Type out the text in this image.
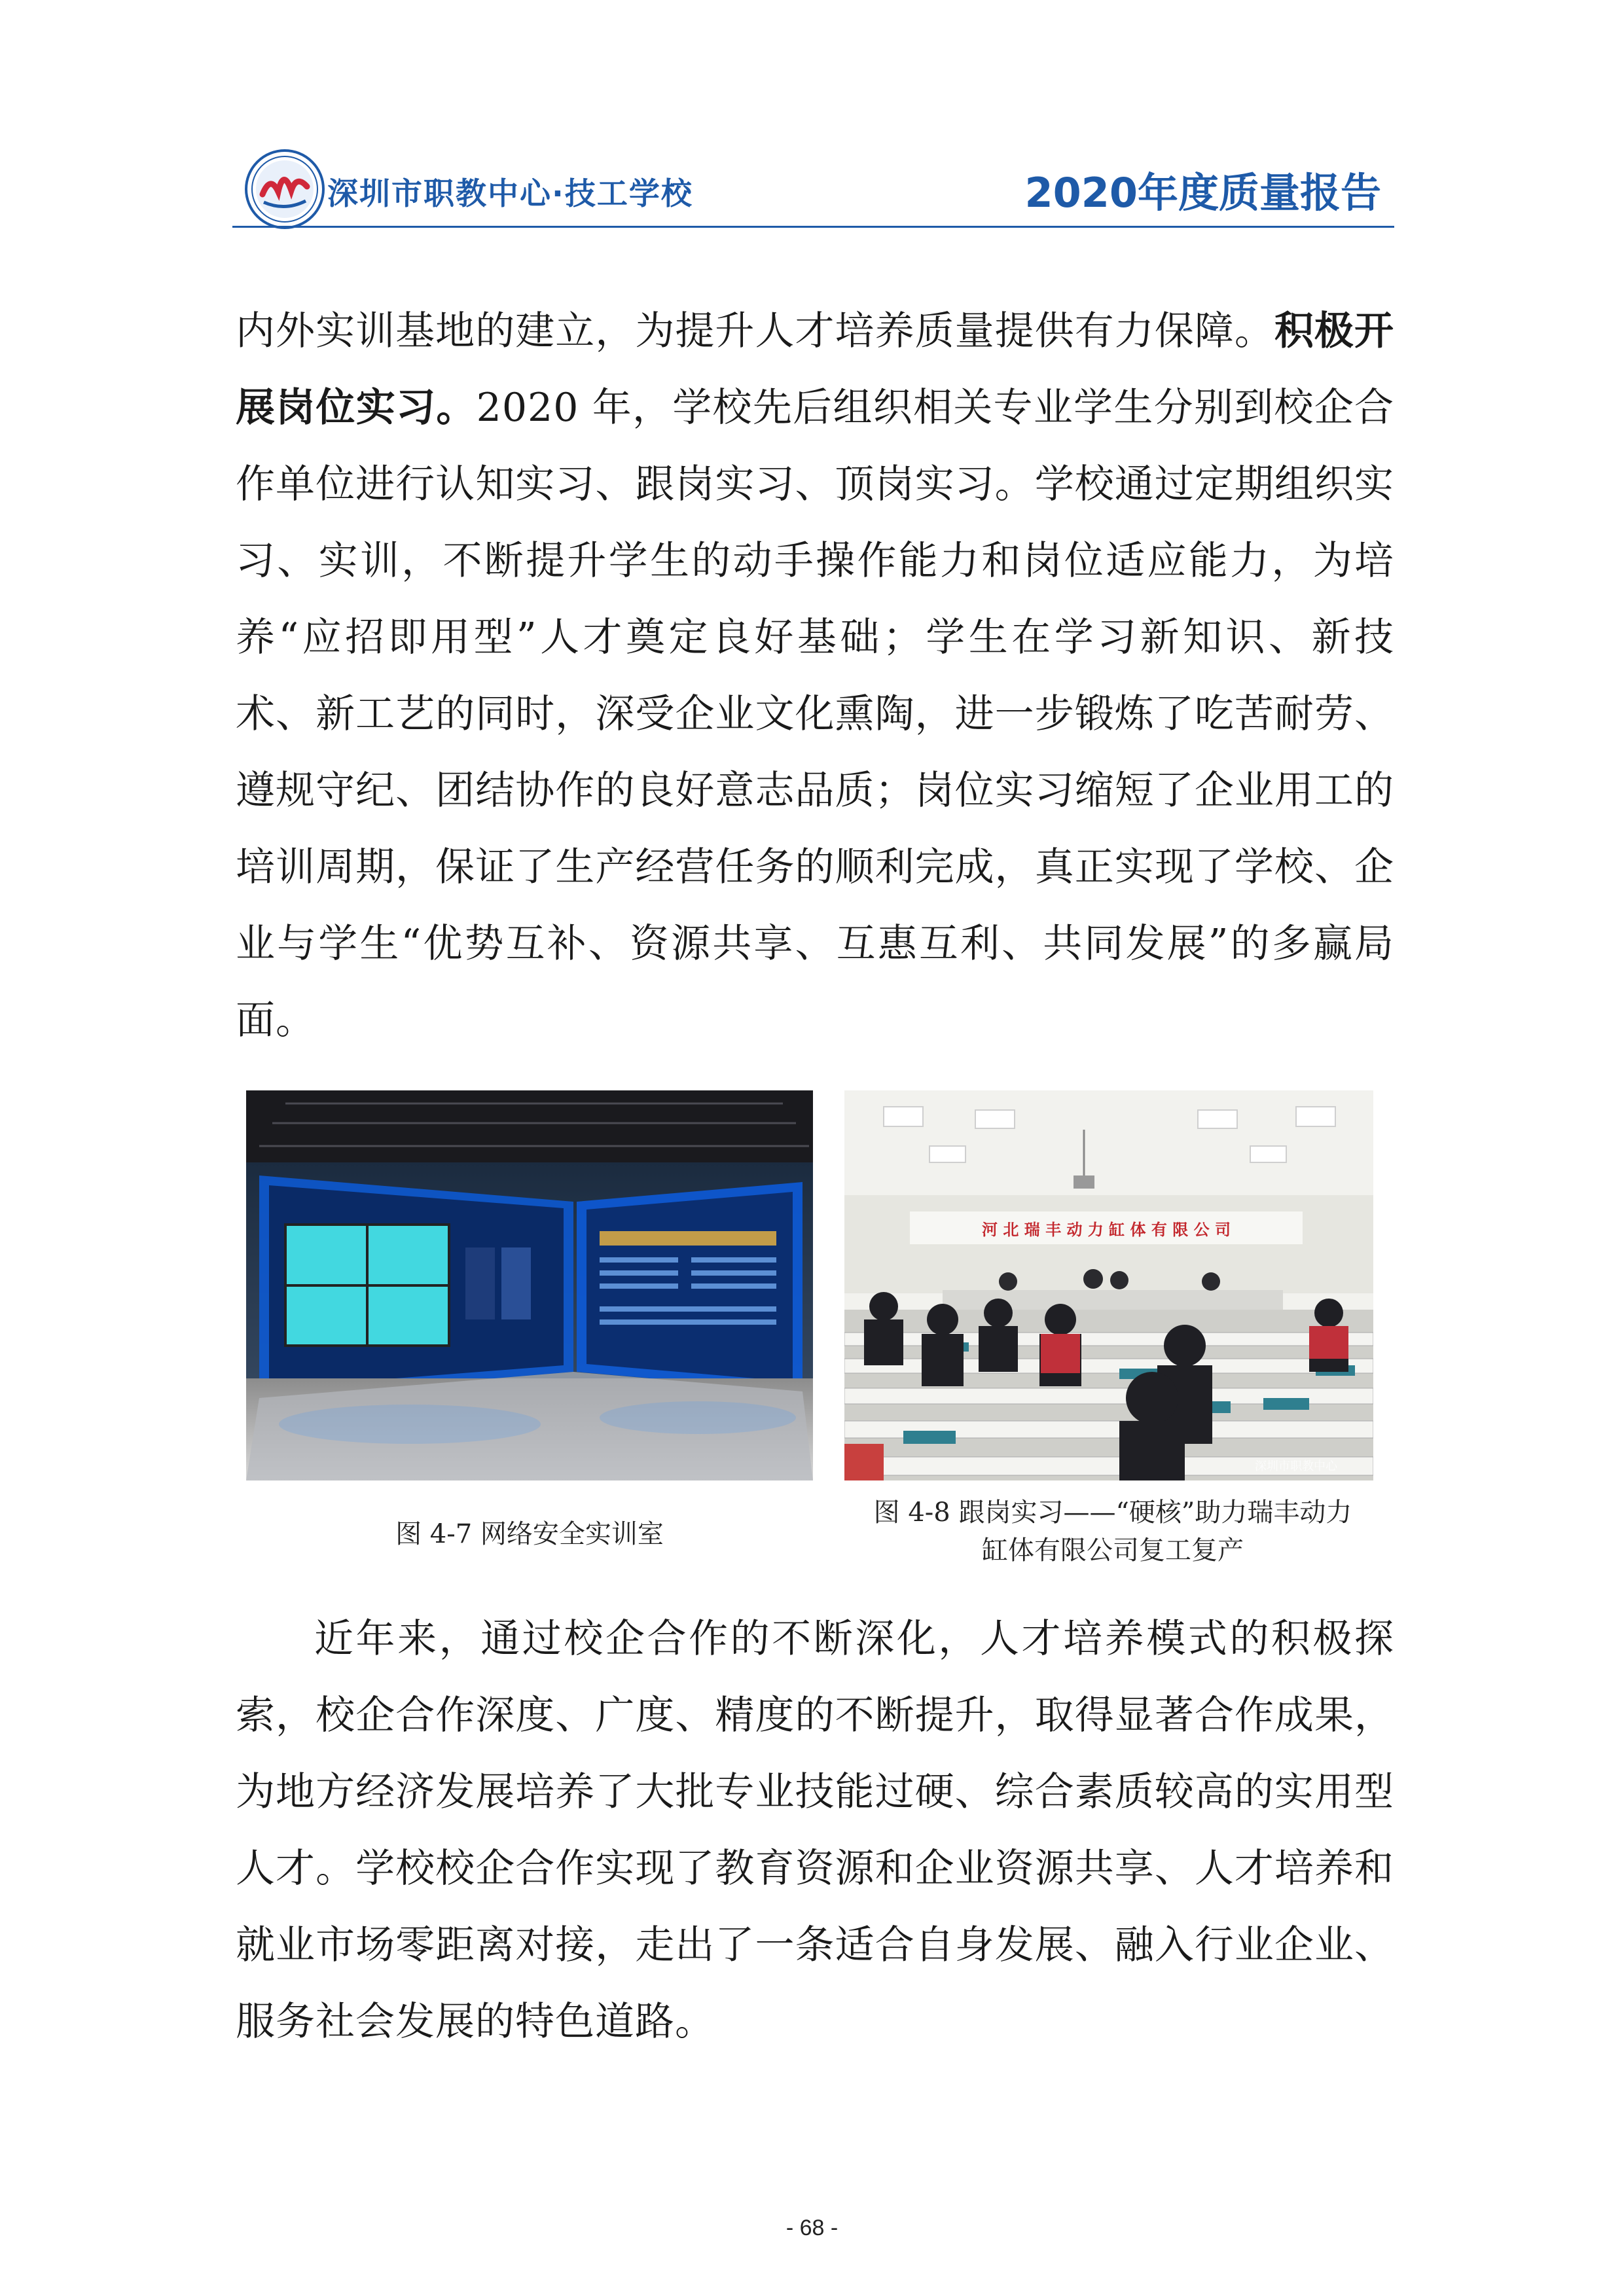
深圳市职教中心·技工学校	2020年度质量报告
内外实训基地的建立，为提升人才培养质量提供有力保障。积极开展岗位实习。2020 年，学校先后组织相关专业学生分别到校企合作单位进行认知实习、跟岗实习、顶岗实习。学校通过定期组织实习、实训，不断提升学生的动手操作能力和岗位适应能力，为培养“应招即用型”人才奠定良好基础；学生在学习新知识、新技术、新工艺的同时，深受企业文化熏陶，进一步锻炼了吃苦耐劳、遵规守纪、团结协作的良好意志品质；岗位实习缩短了企业用工的培训周期，保证了生产经营任务的顺利完成，真正实现了学校、企业与学生“优势互补、资源共享、互惠互利、共同发展”的多赢局面。
河 北 瑞 丰 动 力 缸 体 有 限 公 司
深圳市职教中心
图 4-7 网络安全实训室
图 4-8 跟岗实习——“硬核”助力瑞丰动力
缸体有限公司复工复产
近年来，通过校企合作的不断深化，人才培养模式的积极探索，校企合作深度、广度、精度的不断提升，取得显著合作成果，为地方经济发展培养了大批专业技能过硬、综合素质较高的实用型人才。学校校企合作实现了教育资源和企业资源共享、人才培养和就业市场零距离对接，走出了一条适合自身发展、融入行业企业、服务社会发展的特色道路。
- 68 -
